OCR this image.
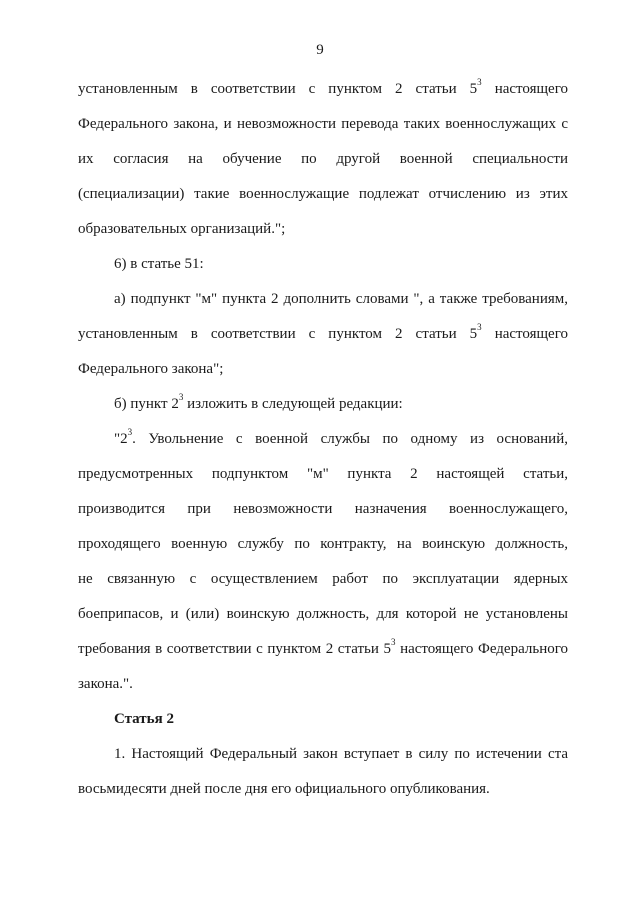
9
установленным в соответствии с пунктом 2 статьи $5^3$ настоящего
Федерального закона, и невозможности перевода таких военнослужащих с
их согласия на обучение по другой военной специальности
(специализации) такие военнослужащие подлежат отчислению из этих
образовательных организаций.";
6) в статье 51:
а) подпункт "м" пункта 2 дополнить словами ", а также требованиям,
установленным в соответствии с пунктом 2 статьи $5^3$ настоящего
Федерального закона";
б) пункт $2^3$ изложить в следующей редакции:
"$2^3$. Увольнение с военной службы по одному из оснований,
предусмотренных подпунктом "м" пункта 2 настоящей статьи,
производится при невозможности назначения военнослужащего,
проходящего военную службу по контракту, на воинскую должность,
не связанную с осуществлением работ по эксплуатации ядерных
боеприпасов, и (или) воинскую должность, для которой не установлены
требования в соответствии с пунктом 2 статьи $5^3$ настоящего Федерального
закона.".
Статья 2
1. Настоящий Федеральный закон вступает в силу по истечении ста
восьмидесяти дней после дня его официального опубликования.
